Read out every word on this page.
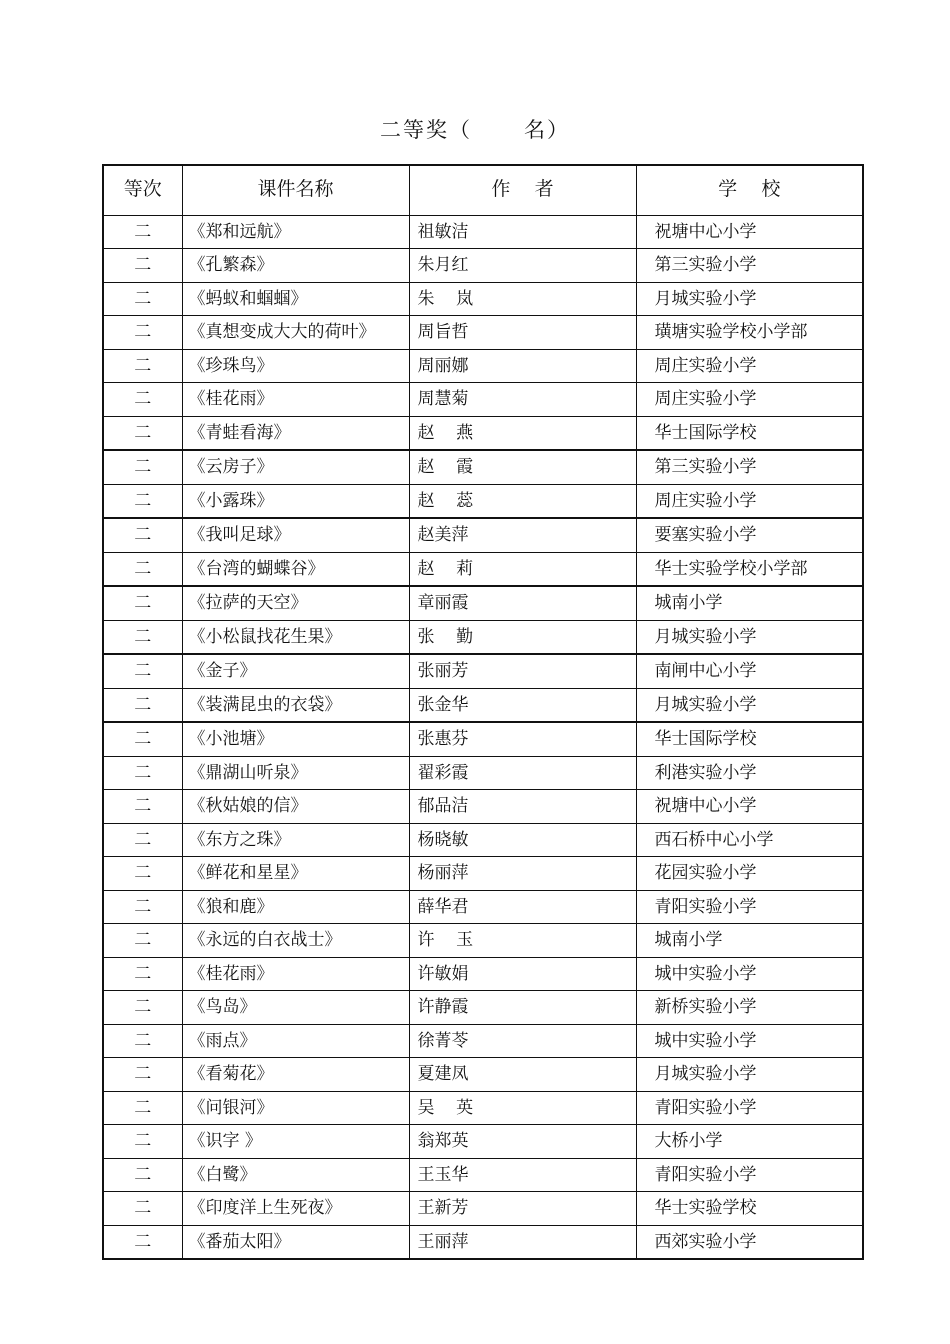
二等奖（      名）
等次	课件名称	作    者	学    校
二	《郑和远航》	祖敏洁	祝塘中心小学
二	《孔繁森》	朱月红	第三实验小学
二	《蚂蚁和蝈蝈》	朱    岚	月城实验小学
二	《真想变成大大的荷叶》	周旨哲	璜塘实验学校小学部
二	《珍珠鸟》	周丽娜	周庄实验小学
二	《桂花雨》	周慧菊	周庄实验小学
二	《青蛙看海》	赵    燕	华士国际学校
二	《云房子》	赵    霞	第三实验小学
二	《小露珠》	赵    蕊	周庄实验小学
二	《我叫足球》	赵美萍	要塞实验小学
二	《台湾的蝴蝶谷》	赵    莉	华士实验学校小学部
二	《拉萨的天空》	章丽霞	城南小学
二	《小松鼠找花生果》	张    勤	月城实验小学
二	《金子》	张丽芳	南闸中心小学
二	《装满昆虫的衣袋》	张金华	月城实验小学
二	《小池塘》	张惠芬	华士国际学校
二	《鼎湖山听泉》	翟彩霞	利港实验小学
二	《秋姑娘的信》	郁品洁	祝塘中心小学
二	《东方之珠》	杨晓敏	西石桥中心小学
二	《鲜花和星星》	杨丽萍	花园实验小学
二	《狼和鹿》	薛华君	青阳实验小学
二	《永远的白衣战士》	许    玉	城南小学
二	《桂花雨》	许敏娟	城中实验小学
二	《鸟岛》	许静霞	新桥实验小学
二	《雨点》	徐菁苓	城中实验小学
二	《看菊花》	夏建凤	月城实验小学
二	《问银河》	吴    英	青阳实验小学
二	《识字 》	翁郑英	大桥小学
二	《白鹭》	王玉华	青阳实验小学
二	《印度洋上生死夜》	王新芳	华士实验学校
二	《番茄太阳》	王丽萍	西郊实验小学
